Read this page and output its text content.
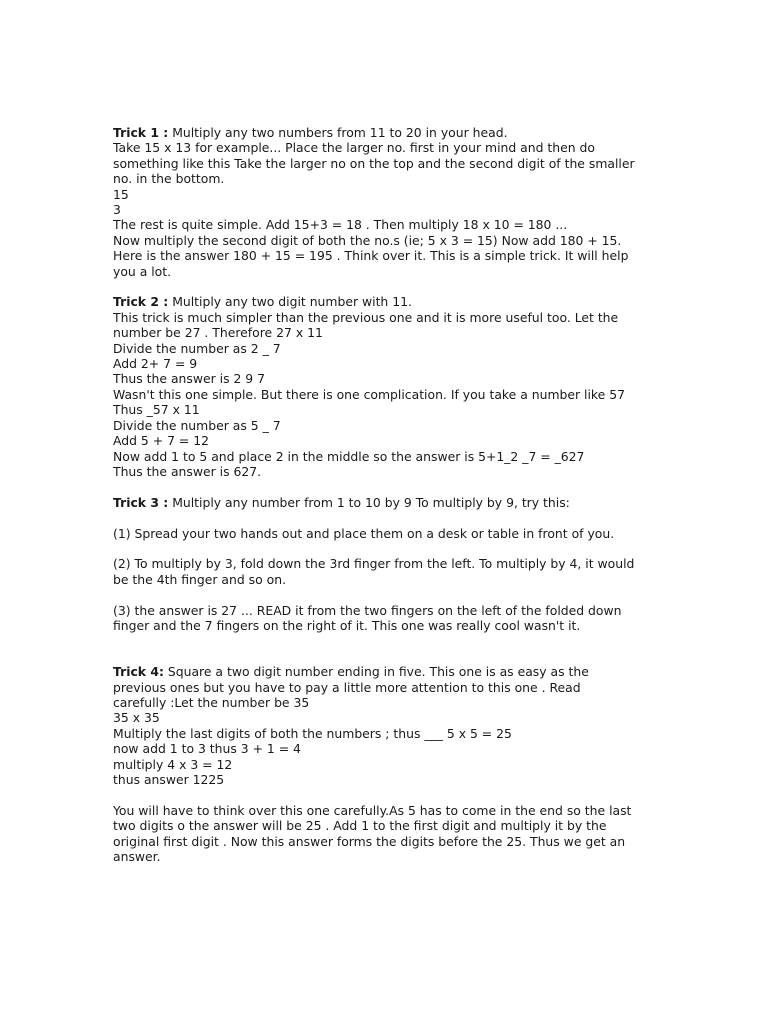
Trick 1 : Multiply any two numbers from 11 to 20 in your head.
Take 15 x 13 for example... Place the larger no. first in your mind and then do
something like this Take the larger no on the top and the second digit of the smaller
no. in the bottom.
15
3
The rest is quite simple. Add 15+3 = 18 . Then multiply 18 x 10 = 180 ...
Now multiply the second digit of both the no.s (ie; 5 x 3 = 15) Now add 180 + 15.
Here is the answer 180 + 15 = 195 . Think over it. This is a simple trick. It will help
you a lot.
Trick 2 : Multiply any two digit number with 11.
This trick is much simpler than the previous one and it is more useful too. Let the
number be 27 . Therefore 27 x 11
Divide the number as 2 _ 7
Add 2+ 7 = 9
Thus the answer is 2 9 7
Wasn't this one simple. But there is one complication. If you take a number like 57
Thus _57 x 11
Divide the number as 5 _ 7
Add 5 + 7 = 12
Now add 1 to 5 and place 2 in the middle so the answer is 5+1_2 _7 = _627
Thus the answer is 627.
Trick 3 : Multiply any number from 1 to 10 by 9 To multiply by 9, try this:
(1) Spread your two hands out and place them on a desk or table in front of you.
(2) To multiply by 3, fold down the 3rd finger from the left. To multiply by 4, it would
be the 4th finger and so on.
(3) the answer is 27 ... READ it from the two fingers on the left of the folded down
finger and the 7 fingers on the right of it. This one was really cool wasn't it.
Trick 4: Square a two digit number ending in five. This one is as easy as the
previous ones but you have to pay a little more attention to this one . Read
carefully :Let the number be 35
35 x 35
Multiply the last digits of both the numbers ; thus ___ 5 x 5 = 25
now add 1 to 3 thus 3 + 1 = 4
multiply 4 x 3 = 12
thus answer 1225
You will have to think over this one carefully.As 5 has to come in the end so the last
two digits o the answer will be 25 . Add 1 to the first digit and multiply it by the
original first digit . Now this answer forms the digits before the 25. Thus we get an
answer.
